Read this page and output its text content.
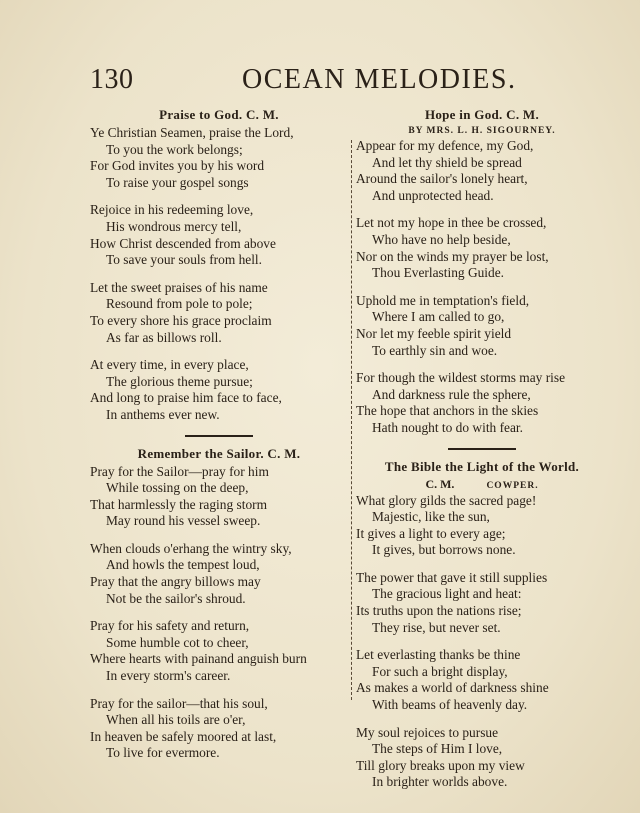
130	OCEAN MELODIES.
Praise to God. C. M.
Ye Christian Seamen, praise the Lord,
To you the work belongs;
For God invites you by his word
To raise your gospel songs
Rejoice in his redeeming love,
His wondrous mercy tell,
How Christ descended from above
To save your souls from hell.
Let the sweet praises of his name
Resound from pole to pole;
To every shore his grace proclaim
As far as billows roll.
At every time, in every place,
The glorious theme pursue;
And long to praise him face to face,
In anthems ever new.
Remember the Sailor. C. M.
Pray for the Sailor—pray for him
While tossing on the deep,
That harmlessly the raging storm
May round his vessel sweep.
When clouds o'erhang the wintry sky,
And howls the tempest loud,
Pray that the angry billows may
Not be the sailor's shroud.
Pray for his safety and return,
Some humble cot to cheer,
Where hearts with painand anguish burn
In every storm's career.
Pray for the sailor—that his soul,
When all his toils are o'er,
In heaven be safely moored at last,
To live for evermore.
Hope in God. C. M.
BY MRS. L. H. SIGOURNEY.
Appear for my defence, my God,
And let thy shield be spread
Around the sailor's lonely heart,
And unprotected head.
Let not my hope in thee be crossed,
Who have no help beside,
Nor on the winds my prayer be lost,
Thou Everlasting Guide.
Uphold me in temptation's field,
Where I am called to go,
Nor let my feeble spirit yield
To earthly sin and woe.
For though the wildest storms may rise
And darkness rule the sphere,
The hope that anchors in the skies
Hath nought to do with fear.
The Bible the Light of the World.
C. M.	COWPER.
What glory gilds the sacred page!
Majestic, like the sun,
It gives a light to every age;
It gives, but borrows none.
The power that gave it still supplies
The gracious light and heat:
Its truths upon the nations rise;
They rise, but never set.
Let everlasting thanks be thine
For such a bright display,
As makes a world of darkness shine
With beams of heavenly day.
My soul rejoices to pursue
The steps of Him I love,
Till glory breaks upon my view
In brighter worlds above.
